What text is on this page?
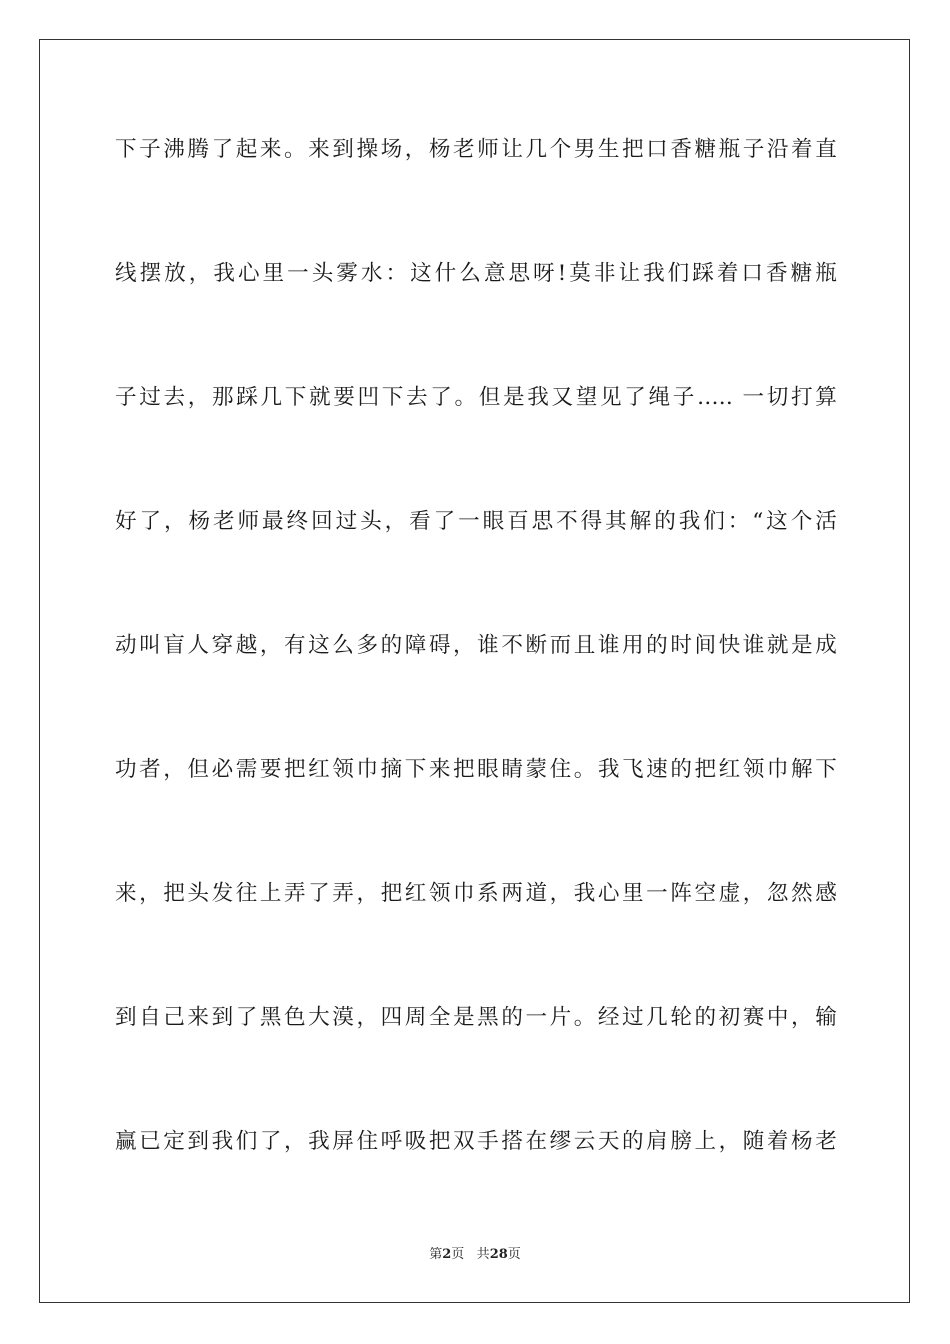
下子沸腾了起来。来到操场，杨老师让几个男生把口香糖瓶子沿着直
线摆放，我心里一头雾水：这什么意思呀!莫非让我们踩着口香糖瓶
子过去，那踩几下就要凹下去了。但是我又望见了绳子….. 一切打算
好了，杨老师最终回过头，看了一眼百思不得其解的我们：“这个活
动叫盲人穿越，有这么多的障碍，谁不断而且谁用的时间快谁就是成
功者，但必需要把红领巾摘下来把眼睛蒙住。我飞速的把红领巾解下
来，把头发往上弄了弄，把红领巾系两道，我心里一阵空虚，忽然感
到自己来到了黑色大漠，四周全是黑的一片。经过几轮的初赛中，输
赢已定到我们了，我屏住呼吸把双手搭在缪云天的肩膀上，随着杨老
第2页 共28页
